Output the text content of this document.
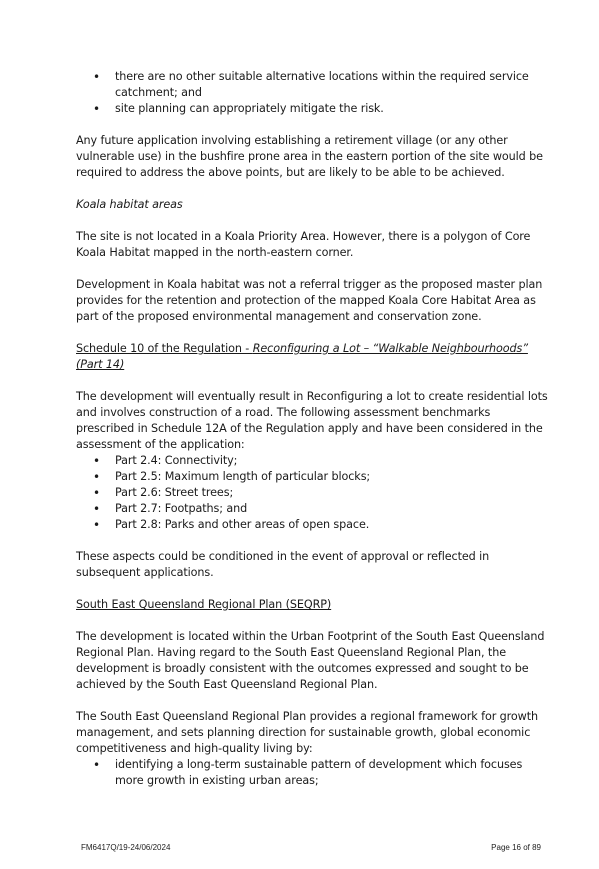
• there are no other suitable alternative locations within the required service catchment; and
• site planning can appropriately mitigate the risk.

Any future application involving establishing a retirement village (or any other vulnerable use) in the bushfire prone area in the eastern portion of the site would be required to address the above points, but are likely to be able to be achieved.

Koala habitat areas

The site is not located in a Koala Priority Area. However, there is a polygon of Core Koala Habitat mapped in the north-eastern corner.

Development in Koala habitat was not a referral trigger as the proposed master plan provides for the retention and protection of the mapped Koala Core Habitat Area as part of the proposed environmental management and conservation zone.

Schedule 10 of the Regulation - Reconfiguring a Lot – “Walkable Neighbourhoods” (Part 14)

The development will eventually result in Reconfiguring a lot to create residential lots and involves construction of a road. The following assessment benchmarks prescribed in Schedule 12A of the Regulation apply and have been considered in the assessment of the application:

• Part 2.4: Connectivity;
• Part 2.5: Maximum length of particular blocks;
• Part 2.6: Street trees;
• Part 2.7: Footpaths; and
• Part 2.8: Parks and other areas of open space.

These aspects could be conditioned in the event of approval or reflected in subsequent applications.

South East Queensland Regional Plan (SEQRP)

The development is located within the Urban Footprint of the South East Queensland Regional Plan. Having regard to the South East Queensland Regional Plan, the development is broadly consistent with the outcomes expressed and sought to be achieved by the South East Queensland Regional Plan.

The South East Queensland Regional Plan provides a regional framework for growth management, and sets planning direction for sustainable growth, global economic competitiveness and high-quality living by:

• identifying a long-term sustainable pattern of development which focuses more growth in existing urban areas;
FM6417Q/19-24/06/2024	Page 16 of 89
